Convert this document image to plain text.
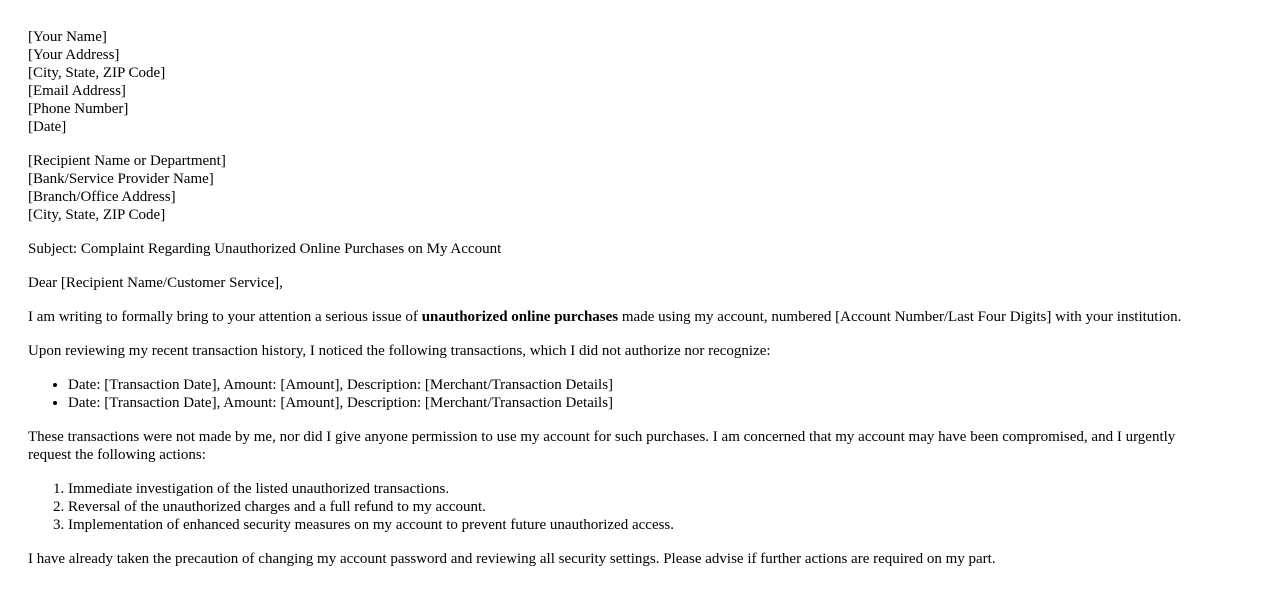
[Your Name]
[Your Address]
[City, State, ZIP Code]
[Email Address]
[Phone Number]
[Date]
[Recipient Name or Department]
[Bank/Service Provider Name]
[Branch/Office Address]
[City, State, ZIP Code]

Subject: Complaint Regarding Unauthorized Online Purchases on My Account

Dear [Recipient Name/Customer Service],

I am writing to formally bring to your attention a serious issue of unauthorized online purchases made using my account, numbered [Account Number/Last Four Digits] with your institution.

Upon reviewing my recent transaction history, I noticed the following transactions, which I did not authorize nor recognize:

• Date: [Transaction Date], Amount: [Amount], Description: [Merchant/Transaction Details]
• Date: [Transaction Date], Amount: [Amount], Description: [Merchant/Transaction Details]

These transactions were not made by me, nor did I give anyone permission to use my account for such purchases. I am concerned that my account may have been compromised, and I urgently request the following actions:

1. Immediate investigation of the listed unauthorized transactions.
2. Reversal of the unauthorized charges and a full refund to my account.
3. Implementation of enhanced security measures on my account to prevent future unauthorized access.

I have already taken the precaution of changing my account password and reviewing all security settings. Please advise if further actions are required on my part.
